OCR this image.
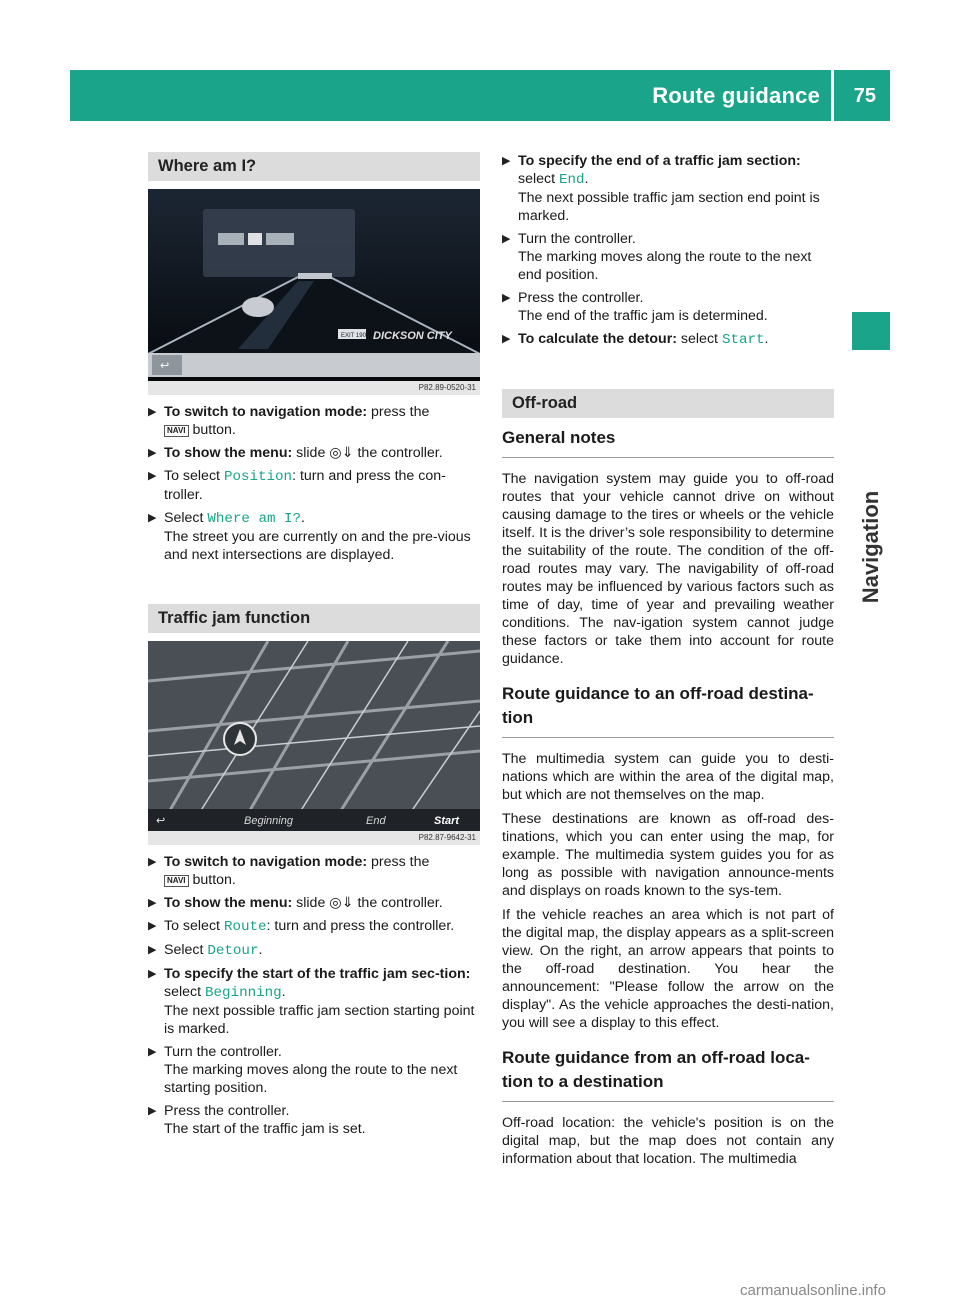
Route guidance 75
Navigation
Where am I?
DICKSON CITY
EXIT 190
↩
P82.89-0520-31
▶ To switch to navigation mode: press the
NAVI button.
▶ To show the menu: slide ◎⇓ the controller.
▶ To select Position: turn and press the con-troller.
▶ Select Where am I?.
The street you are currently on and the pre-vious and next intersections are displayed.
Traffic jam function
↩	Beginning	End	Start
P82.87-9642-31
▶ To switch to navigation mode: press the
NAVI button.
▶ To show the menu: slide ◎⇓ the controller.
▶ To select Route: turn and press the controller.
▶ Select Detour.
▶ To specify the start of the traffic jam sec-tion: select Beginning.
The next possible traffic jam section starting point is marked.
▶ Turn the controller.
The marking moves along the route to the next starting position.
▶ Press the controller.
The start of the traffic jam is set.
▶ To specify the end of a traffic jam section:
select End.
The next possible traffic jam section end point is marked.
▶ Turn the controller.
The marking moves along the route to the next end position.
▶ Press the controller.
The end of the traffic jam is determined.
▶ To calculate the detour: select Start.
Off-road
General notes

The navigation system may guide you to off-road routes that your vehicle cannot drive on without causing damage to the tires or wheels or the vehicle itself. It is the driver’s sole responsibility to determine the suitability of the route. The condition of the off-road routes may vary. The navigability of off-road routes may be influenced by various factors such as time of day, time of year and prevailing weather conditions. The nav-igation system cannot judge these factors or take them into account for route guidance.

Route guidance to an off-road destina-tion

The multimedia system can guide you to desti-nations which are within the area of the digital map, but which are not themselves on the map.

These destinations are known as off-road des-tinations, which you can enter using the map, for example. The multimedia system guides you for as long as possible with navigation announce-ments and displays on roads known to the sys-tem.

If the vehicle reaches an area which is not part of the digital map, the display appears as a split-screen view. On the right, an arrow appears that points to the off-road destination. You hear the announcement: "Please follow the arrow on the display". As the vehicle approaches the desti-nation, you will see a display to this effect.

Route guidance from an off-road loca-tion to a destination

Off-road location: the vehicle's position is on the digital map, but the map does not contain any information about that location. The multimedia

carmanualsonline.info
